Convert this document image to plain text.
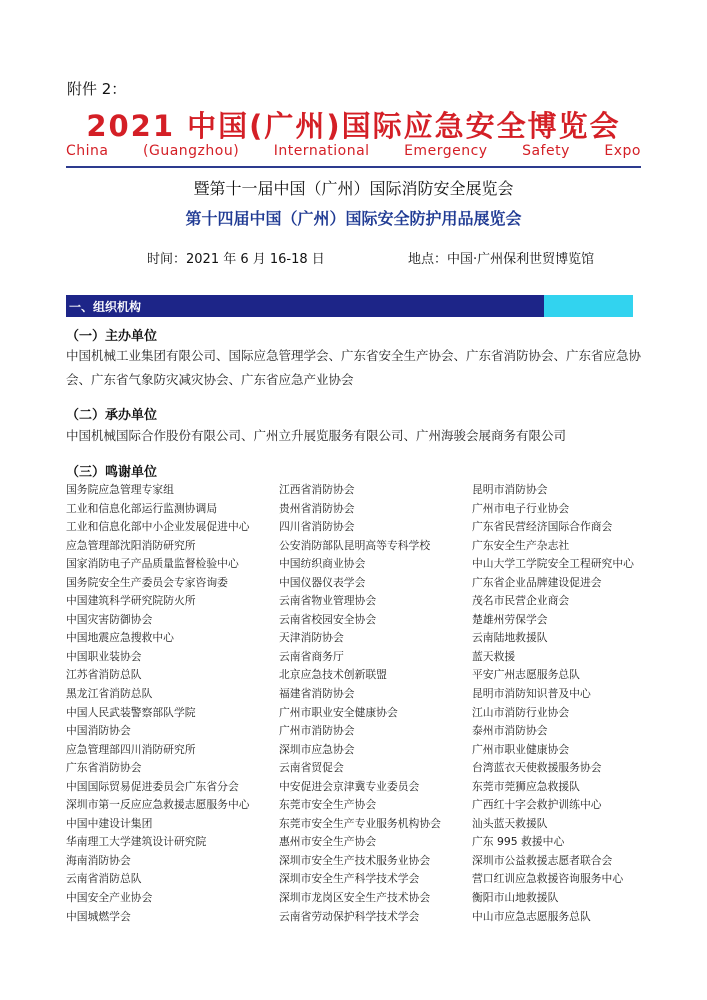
附件 2：
2021 中国(广州)国际应急安全博览会
China (Guangzhou) International Emergency Safety Expo
暨第十一届中国（广州）国际消防安全展览会
第十四届中国（广州）国际安全防护用品展览会
时间：2021 年 6 月 16-18 日	地点：中国·广州保利世贸博览馆
一、组织机构
（一）主办单位
中国机械工业集团有限公司、国际应急管理学会、广东省安全生产协会、广东省消防协会、广东省应急协会、广东省气象防灾减灾协会、广东省应急产业协会
（二）承办单位
中国机械国际合作股份有限公司、广州立升展览服务有限公司、广州海骏会展商务有限公司
（三）鸣谢单位
国务院应急管理专家组
工业和信息化部运行监测协调局
工业和信息化部中小企业发展促进中心
应急管理部沈阳消防研究所
国家消防电子产品质量监督检验中心
国务院安全生产委员会专家咨询委
中国建筑科学研究院防火所
中国灾害防御协会
中国地震应急搜救中心
中国职业装协会
江苏省消防总队
黑龙江省消防总队
中国人民武装警察部队学院
中国消防协会
应急管理部四川消防研究所
广东省消防协会
中国国际贸易促进委员会广东省分会
深圳市第一反应应急救援志愿服务中心
中国中建设计集团
华南理工大学建筑设计研究院
海南消防协会
云南省消防总队
中国安全产业协会
中国城燃学会
江西省消防协会
贵州省消防协会
四川省消防协会
公安消防部队昆明高等专科学校
中国纺织商业协会
中国仪器仪表学会
云南省物业管理协会
云南省校园安全协会
天津消防协会
云南省商务厅
北京应急技术创新联盟
福建省消防协会
广州市职业安全健康协会
广州市消防协会
深圳市应急协会
云南省贸促会
中安促进会京津冀专业委员会
东莞市安全生产协会
东莞市安全生产专业服务机构协会
惠州市安全生产协会
深圳市安全生产技术服务业协会
深圳市安全生产科学技术学会
深圳市龙岗区安全生产技术协会
云南省劳动保护科学技术学会
昆明市消防协会
广州市电子行业协会
广东省民营经济国际合作商会
广东安全生产杂志社
中山大学工学院安全工程研究中心
广东省企业品牌建设促进会
茂名市民营企业商会
楚雄州劳保学会
云南陆地救援队
蓝天救援
平安广州志愿服务总队
昆明市消防知识普及中心
江山市消防行业协会
泰州市消防协会
广州市职业健康协会
台湾蓝衣天使救援服务协会
东莞市莞狮应急救援队
广西红十字会救护训练中心
汕头蓝天救援队
广东 995 救援中心
深圳市公益救援志愿者联合会
营口红训应急救援咨询服务中心
衡阳市山地救援队
中山市应急志愿服务总队
